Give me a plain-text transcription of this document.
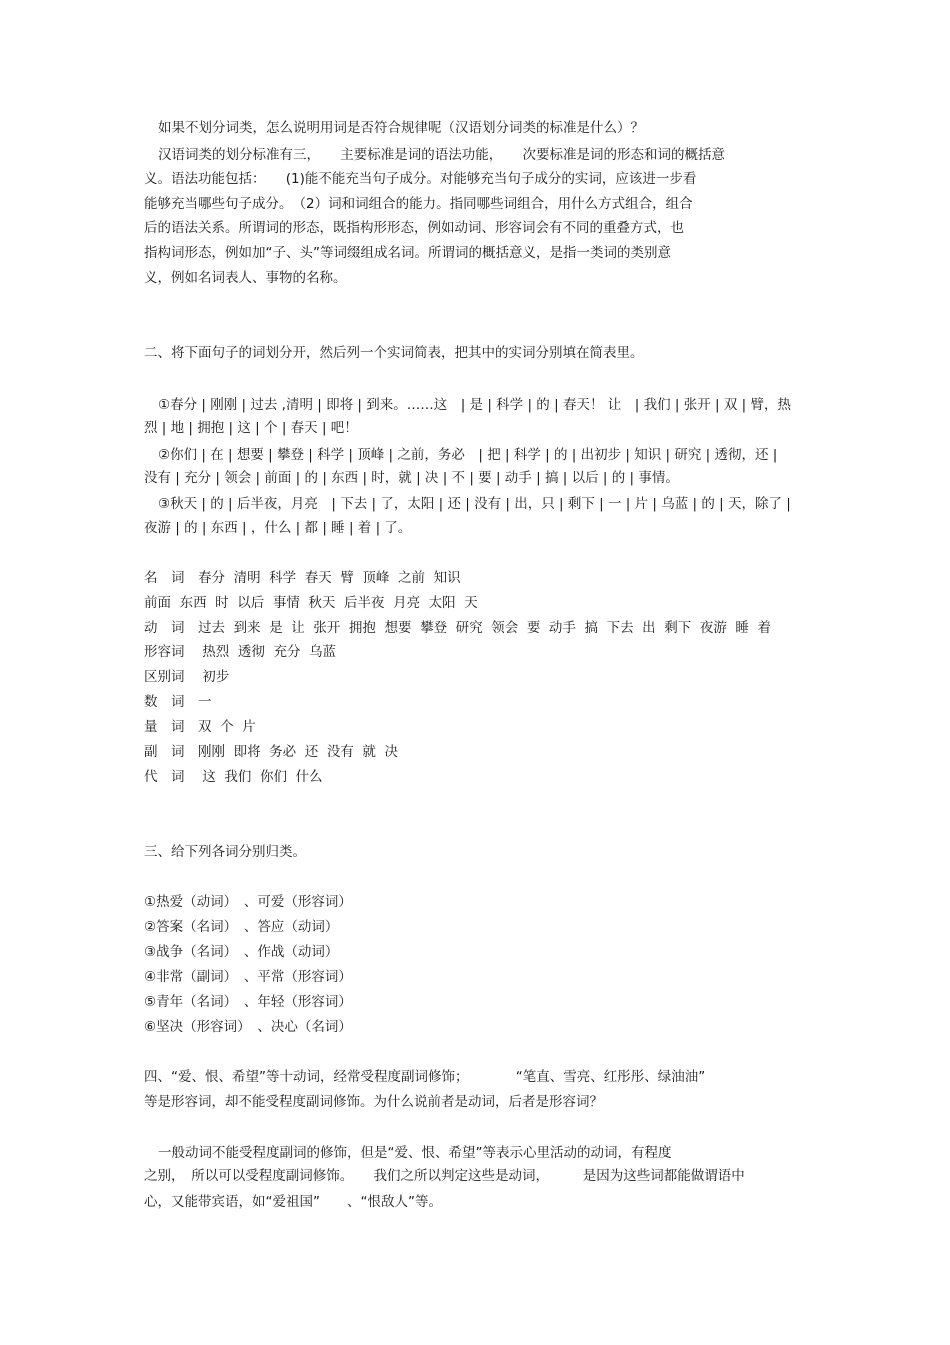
如果不划分词类，怎么说明用词是否符合规律呢（汉语划分词类的标准是什么）？

汉语词类的划分标准有三，　　主要标准是词的语法功能，　　次要标准是词的形态和词的概括意

义。语法功能包括：　　(1)能不能充当句子成分。对能够充当句子成分的实词，应该进一步看

能够充当哪些句子成分。　（2）词和词组合的能力。指同哪些词组合，用什么方式组合，组合

后的语法关系。所谓词的形态，既指构形形态，例如动词、形容词会有不同的重叠方式，也

指构词形态，例如加“子、头”等词缀组成名词。所谓词的概括意义，是指一类词的类别意

义，例如名词表人、事物的名称。

二、将下面句子的词划分开，然后列一个实词简表，把其中的实词分别填在简表里。

①春分 | 刚刚 | 过去 ,清明 | 即将 | 到来。……这　| 是 | 科学 | 的 | 春天！ 让　| 我们 | 张开 | 双 | 臂，热

烈 | 地 | 拥抱 | 这 | 个 | 春天 | 吧！

②你们 | 在 | 想要 | 攀登 | 科学 | 顶峰 | 之前，务必　| 把 | 科学 | 的 | 出初步 | 知识 | 研究 | 透彻，还 |

没有 | 充分 | 领会 | 前面 | 的 | 东西 | 时，就 | 决 | 不 | 要 | 动手 | 搞 | 以后 | 的 | 事情。

③秋天 | 的 | 后半夜，月亮　| 下去 | 了，太阳 | 还 | 没有 | 出，只 | 剩下 | 一 | 片 | 乌蓝 | 的 | 天，除了 |

夜游 | 的 | 东西 | ，什么 | 都 | 睡 | 着 | 了。

名　词　春分  清明  科学  春天  臂  顶峰  之前  知识

前面  东西  时  以后  事情  秋天  后半夜  月亮  太阳  天

动　词　过去  到来  是  让  张开  拥抱  想要  攀登  研究  领会  要  动手  搞  下去  出  剩下  夜游  睡  着

形容词　 热烈  透彻  充分  乌蓝

区别词　 初步

数　词　一

量　词　双  个  片

副　词　刚刚  即将  务必  还  没有  就  决

代　词　 这  我们  你们  什么

三、给下列各词分别归类。

①热爱（动词）　、可爱（形容词）

②答案（名词）　、答应（动词）

③战争（名词）　、作战（动词）

④非常（副词）　、平常（形容词）

⑤青年（名词）　、年轻（形容词）

⑥坚决（形容词）　、决心（名词）

四、“爱、恨、希望”等十动词，经常受程度副词修饰；　　　　“笔直、雪亮、红彤彤、绿油油”

等是形容词，却不能受程度副词修饰。为什么说前者是动词，后者是形容词？

一般动词不能受程度副词的修饰，但是“爱、恨、希望”等表示心里活动的动词，有程度

之别，　所以可以受程度副词修饰。　　我们之所以判定这些是动词，　　　是因为这些词都能做谓语中

心，又能带宾语，如“爱祖国”　　、“恨敌人”等。
